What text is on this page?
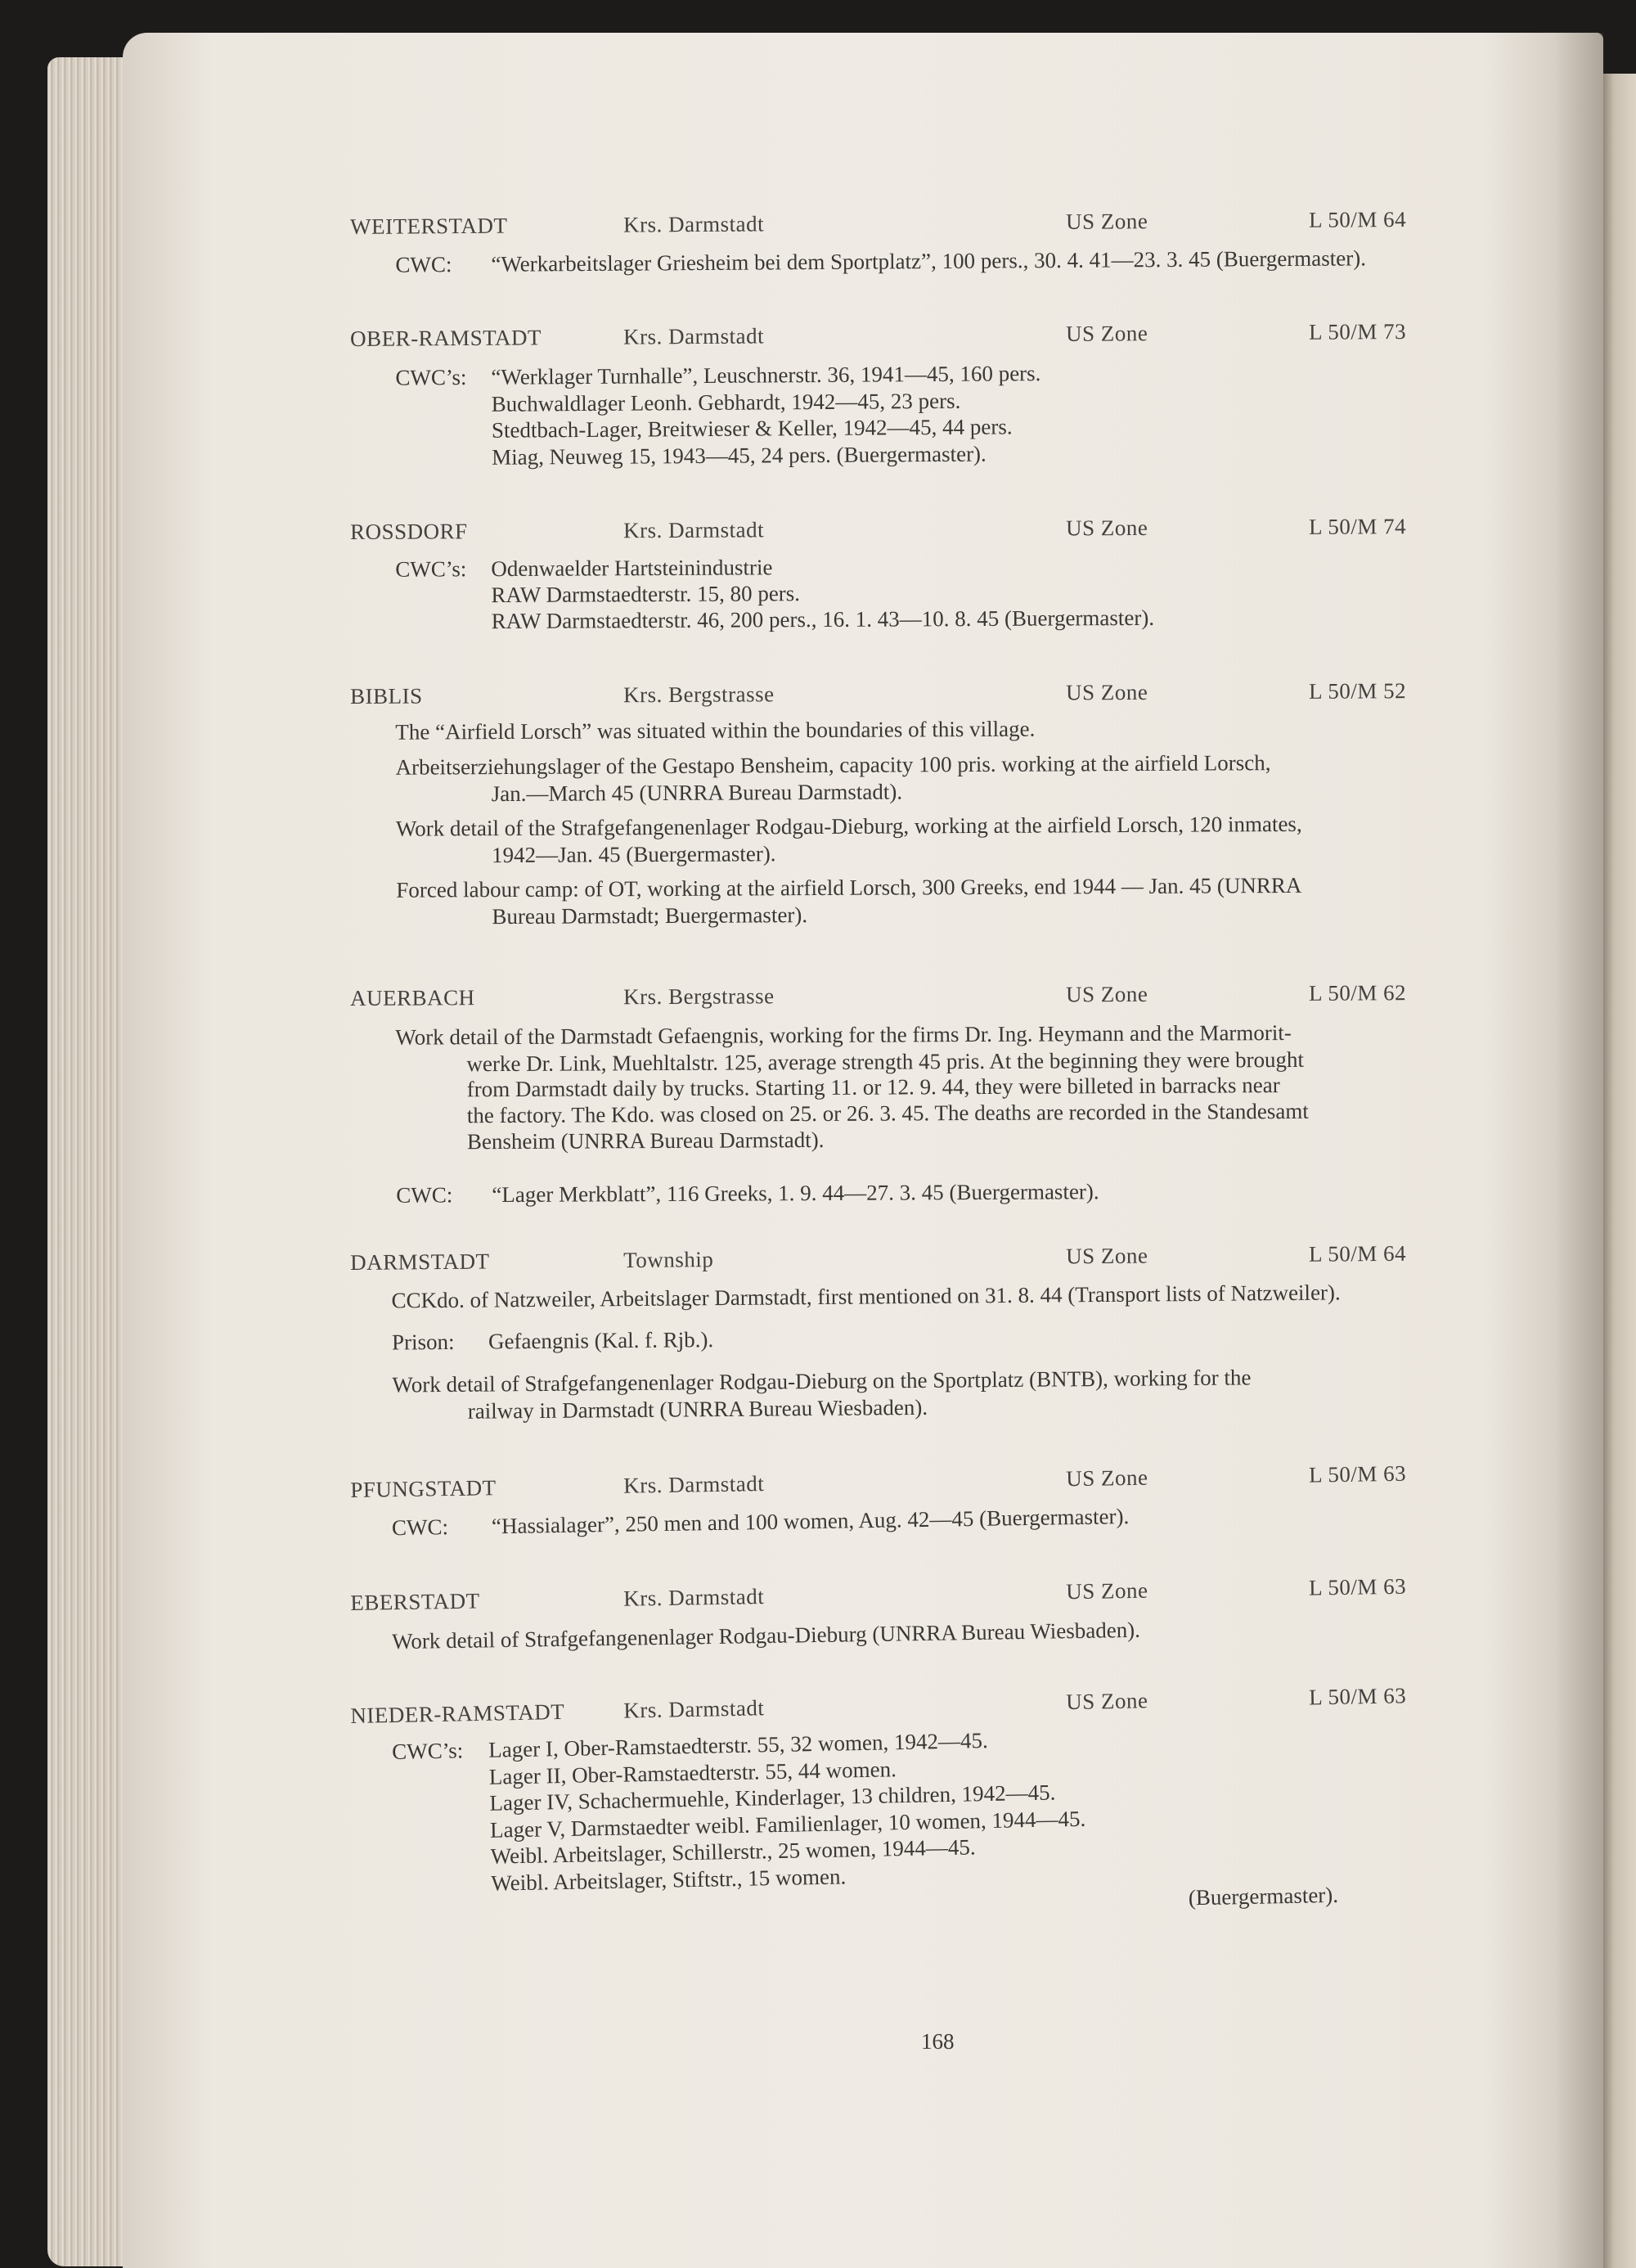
WEITERSTADT	Krs. Darmstadt	US Zone	L 50/M 64
CWC: “Werkarbeitslager Griesheim bei dem Sportplatz”, 100 pers., 30. 4. 41—23. 3. 45 (Buergermaster).
OBER-RAMSTADT	Krs. Darmstadt	US Zone	L 50/M 73
CWC’s: “Werklager Turnhalle”, Leuschnerstr. 36, 1941—45, 160 pers.
Buchwaldlager Leonh. Gebhardt, 1942—45, 23 pers.
Stedtbach-Lager, Breitwieser & Keller, 1942—45, 44 pers.
Miag, Neuweg 15, 1943—45, 24 pers. (Buergermaster).
ROSSDORF	Krs. Darmstadt	US Zone	L 50/M 74
CWC’s: Odenwaelder Hartsteinindustrie
RAW Darmstaedterstr. 15, 80 pers.
RAW Darmstaedterstr. 46, 200 pers., 16. 1. 43—10. 8. 45 (Buergermaster).
BIBLIS	Krs. Bergstrasse	US Zone	L 50/M 52
The “Airfield Lorsch” was situated within the boundaries of this village.
Arbeitserziehungslager of the Gestapo Bensheim, capacity 100 pris. working at the airfield Lorsch,
Jan.—March 45 (UNRRA Bureau Darmstadt).
Work detail of the Strafgefangenenlager Rodgau-Dieburg, working at the airfield Lorsch, 120 inmates,
1942—Jan. 45 (Buergermaster).
Forced labour camp: of OT, working at the airfield Lorsch, 300 Greeks, end 1944 — Jan. 45 (UNRRA
Bureau Darmstadt; Buergermaster).
AUERBACH	Krs. Bergstrasse	US Zone	L 50/M 62
Work detail of the Darmstadt Gefaengnis, working for the firms Dr. Ing. Heymann and the Marmorit-
werke Dr. Link, Muehltalstr. 125, average strength 45 pris. At the beginning they were brought
from Darmstadt daily by trucks. Starting 11. or 12. 9. 44, they were billeted in barracks near
the factory. The Kdo. was closed on 25. or 26. 3. 45. The deaths are recorded in the Standesamt
Bensheim (UNRRA Bureau Darmstadt).
CWC: “Lager Merkblatt”, 116 Greeks, 1. 9. 44—27. 3. 45 (Buergermaster).
DARMSTADT	Township	US Zone	L 50/M 64
CCKdo. of Natzweiler, Arbeitslager Darmstadt, first mentioned on 31. 8. 44 (Transport lists of Natzweiler).
Prison: Gefaengnis (Kal. f. Rjb.).
Work detail of Strafgefangenenlager Rodgau-Dieburg on the Sportplatz (BNTB), working for the
railway in Darmstadt (UNRRA Bureau Wiesbaden).
PFUNGSTADT	Krs. Darmstadt	US Zone	L 50/M 63
CWC: “Hassialager”, 250 men and 100 women, Aug. 42—45 (Buergermaster).
EBERSTADT	Krs. Darmstadt	US Zone	L 50/M 63
Work detail of Strafgefangenenlager Rodgau-Dieburg (UNRRA Bureau Wiesbaden).
NIEDER-RAMSTADT	Krs. Darmstadt	US Zone	L 50/M 63
CWC’s: Lager I, Ober-Ramstaedterstr. 55, 32 women, 1942—45.
Lager II, Ober-Ramstaedterstr. 55, 44 women.
Lager IV, Schachermuehle, Kinderlager, 13 children, 1942—45.
Lager V, Darmstaedter weibl. Familienlager, 10 women, 1944—45.
Weibl. Arbeitslager, Schillerstr., 25 women, 1944—45.
Weibl. Arbeitslager, Stiftstr., 15 women.
(Buergermaster).
168
